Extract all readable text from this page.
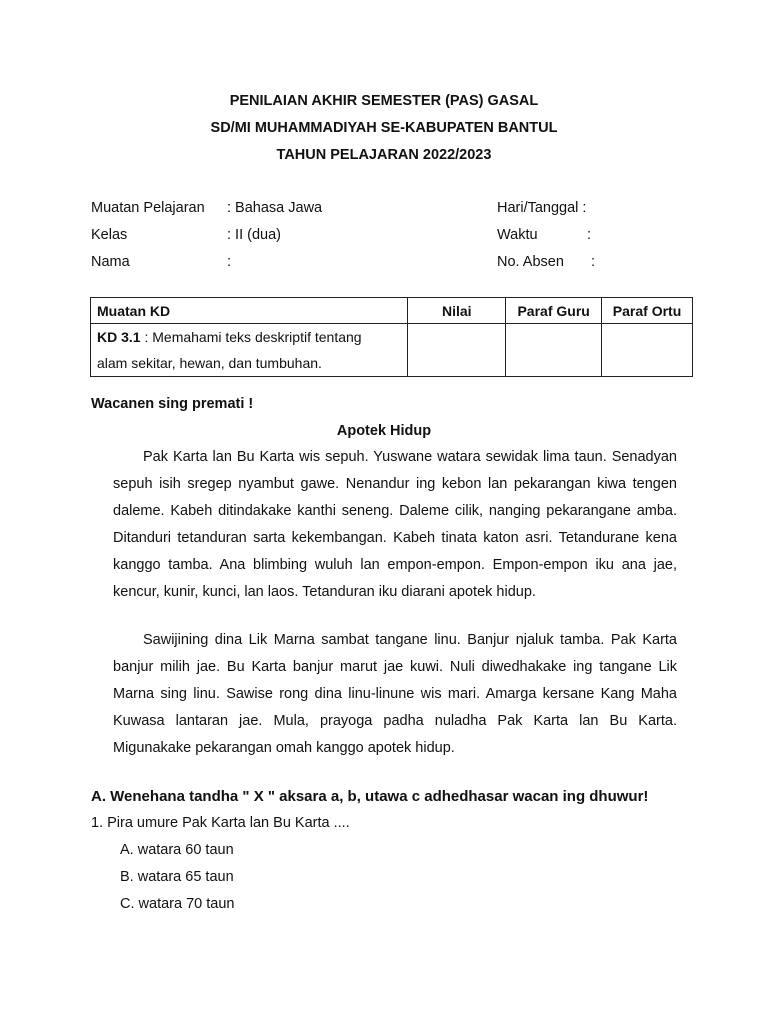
PENILAIAN AKHIR SEMESTER (PAS) GASAL
SD/MI MUHAMMADIYAH SE-KABUPATEN BANTUL
TAHUN PELAJARAN 2022/2023
Muatan Pelajaran : Bahasa Jawa
Kelas	: II (dua)
Nama	:
Hari/Tanggal :
Waktu	:
No. Absen :
Muatan KD	Nilai	Paraf Guru	Paraf Ortu
KD 3.1 : Memahami teks deskriptif tentang
alam sekitar, hewan, dan tumbuhan.			
Wacanen sing premati !
Apotek Hidup
Pak Karta lan Bu Karta wis sepuh. Yuswane watara sewidak lima taun. Senadyan sepuh isih sregep nyambut gawe. Nenandur ing kebon lan pekarangan kiwa tengen daleme. Kabeh ditindakake kanthi seneng. Daleme cilik, nanging pekarangane amba. Ditanduri tetanduran sarta kekembangan. Kabeh tinata katon asri. Tetandurane kena kanggo tamba. Ana blimbing wuluh lan empon-empon. Empon-empon iku ana jae, kencur, kunir, kunci, lan laos. Tetanduran iku diarani apotek hidup.
Sawijining dina Lik Marna sambat tangane linu. Banjur njaluk tamba. Pak Karta banjur milih jae. Bu Karta banjur marut jae kuwi. Nuli diwedhakake ing tangane Lik Marna sing linu. Sawise rong dina linu-linune wis mari. Amarga kersane Kang Maha Kuwasa lantaran jae. Mula, prayoga padha nuladha Pak Karta lan Bu Karta. Migunakake pekarangan omah kanggo apotek hidup.
A. Wenehana tandha " X " aksara a, b, utawa c adhedhasar wacan ing dhuwur!
1. Pira umure Pak Karta lan Bu Karta ....
A. watara 60 taun
B. watara 65 taun
C. watara 70 taun
